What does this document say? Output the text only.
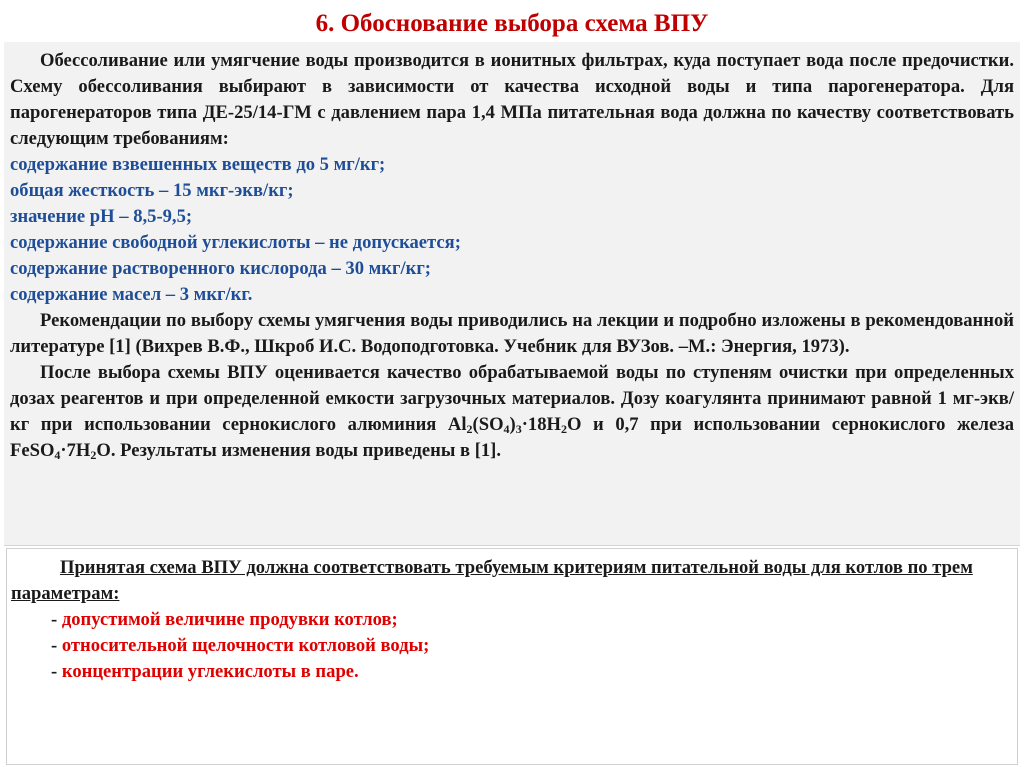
6. Обоснование выбора схема ВПУ

Обессоливание или умягчение воды производится в ионитных фильтрах, куда поступает вода после предочистки. Схему обессоливания выбирают в зависимости от качества исходной воды и типа парогенератора. Для парогенераторов типа ДЕ-25/14-ГМ с давлением пара 1,4 МПа питательная вода должна по качеству соответствовать следующим требованиям:

содержание взвешенных веществ до 5 мг/кг;
общая жесткость – 15 мкг-экв/кг;
значение рН – 8,5-9,5;
содержание свободной углекислоты – не допускается;
содержание растворенного кислорода – 30 мкг/кг;
содержание масел – 3 мкг/кг.

Рекомендации по выбору схемы умягчения воды приводились на лекции и подробно изложены в рекомендованной литературе [1] (Вихрев В.Ф., Шкроб И.С. Водоподготовка. Учебник для ВУЗов. –М.: Энергия, 1973).

После выбора схемы ВПУ оценивается качество обрабатываемой воды по ступеням очистки при определенных дозах реагентов и при определенной емкости загрузочных материалов. Дозу коагулянта принимают равной 1 мг-экв/кг при использовании сернокислого алюминия $Al_2(SO_4)_3\cdot 18H_2O$ и 0,7 при использовании сернокислого железа $FeSO_4\cdot 7H_2O$. Результаты изменения воды приведены в [1].

Принятая схема ВПУ должна соответствовать требуемым критериям питательной воды для котлов по трем параметрам:
- допустимой величине продувки котлов;
- относительной щелочности котловой воды;
- концентрации углекислоты в паре.
